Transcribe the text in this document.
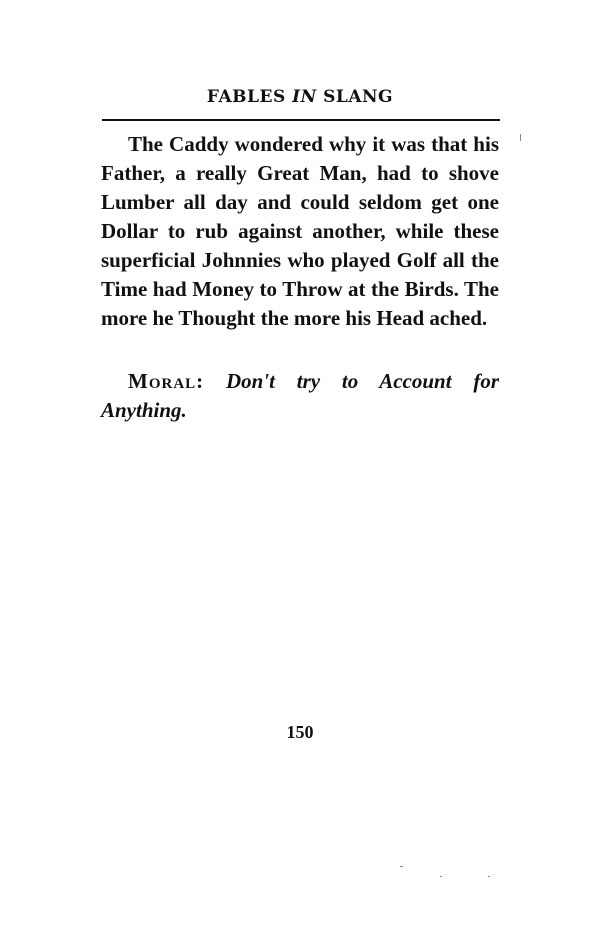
FABLES IN SLANG

The Caddy wondered why it was that his Father, a really Great Man, had to shove Lumber all day and could seldom get one Dollar to rub against another, while these superficial Johnnies who played Golf all the Time had Money to Throw at the Birds. The more he Thought the more his Head ached.

Moral: Don't try to Account for Anything.

150
